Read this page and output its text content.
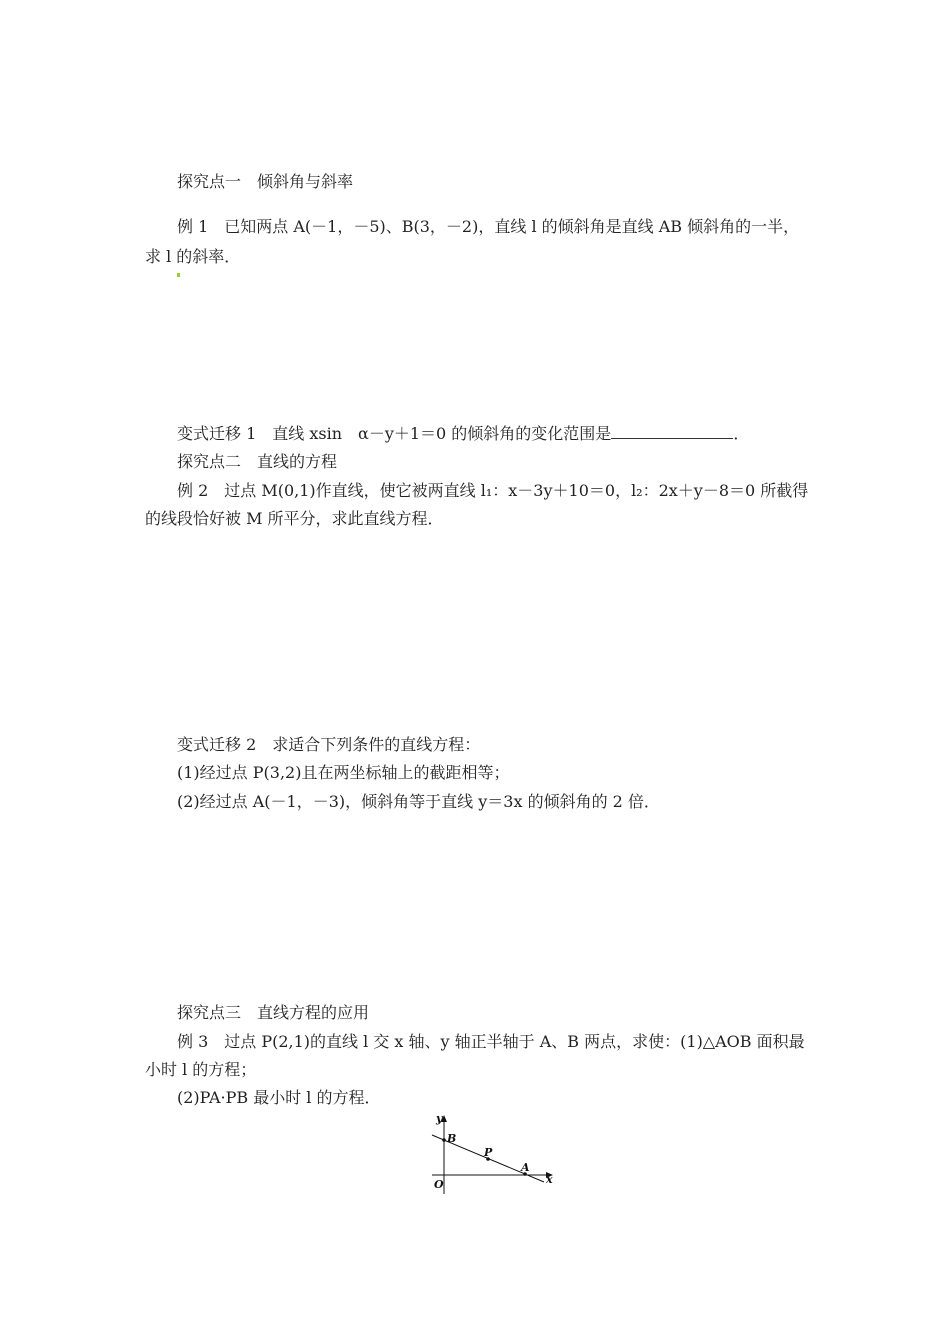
探究点一　倾斜角与斜率
例 1　已知两点 A(－1，－5)、B(3，－2)，直线 l 的倾斜角是直线 AB 倾斜角的一半，
求 l 的斜率．
变式迁移 1　直线 xsin　α－y＋1＝0 的倾斜角的变化范围是	．
探究点二　直线的方程
例 2　过点 M(0,1)作直线，使它被两直线 l₁：x－3y＋10＝0，l₂：2x＋y－8＝0 所截得
的线段恰好被 M 所平分，求此直线方程．
变式迁移 2　求适合下列条件的直线方程：
(1)经过点 P(3,2)且在两坐标轴上的截距相等；
(2)经过点 A(－1，－3)，倾斜角等于直线 y＝3x 的倾斜角的 2 倍．
探究点三　直线方程的应用
例 3　过点 P(2,1)的直线 l 交 x 轴、y 轴正半轴于 A、B 两点，求使：(1)△AOB 面积最
小时 l 的方程；
(2)PA·PB 最小时 l 的方程．
y
x
O
B
P
A
